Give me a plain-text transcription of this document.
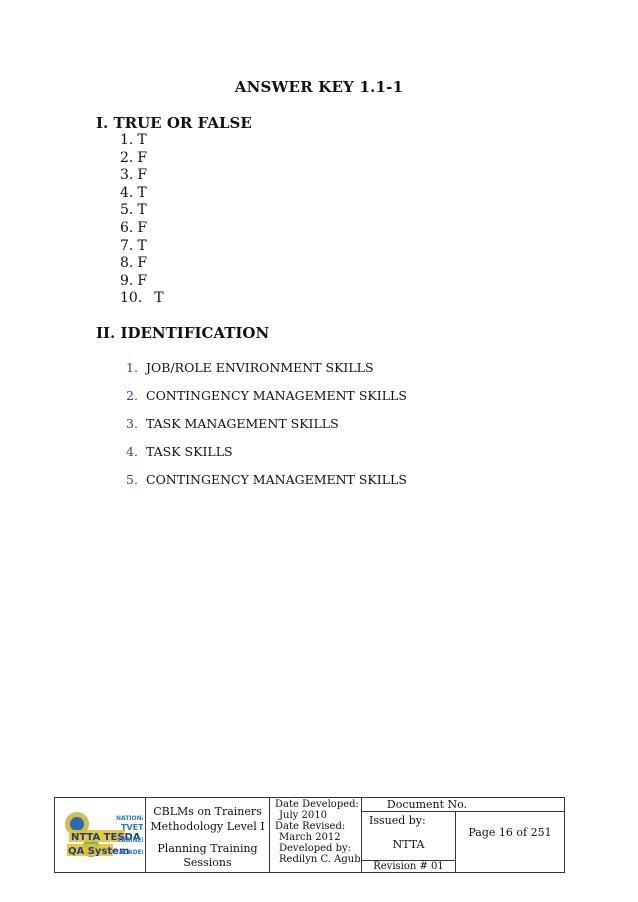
ANSWER KEY 1.1-1
I. TRUE OR FALSE
1. T
2. F
3. F
4. T
5. T
6. F
7. T
8. F
9. F
10. T
II. IDENTIFICATION
1. JOB/ROLE ENVIRONMENT SKILLS
2. CONTINGENCY MANAGEMENT SKILLS
3. TASK MANAGEMENT SKILLS
4. TASK SKILLS
5. CONTINGENCY MANAGEMENT SKILLS
NTTA TESDA
QA System
NATION
TVET
TRAINE
ACADE
CBLMs on Trainers
Methodology Level I
Planning Training
Sessions
Date Developed:
July 2010
Date Revised:
March 2012
Developed by:
Redilyn C. Agub
Document No.
Issued by:
NTTA
Revision # 01
Page 16 of 251
